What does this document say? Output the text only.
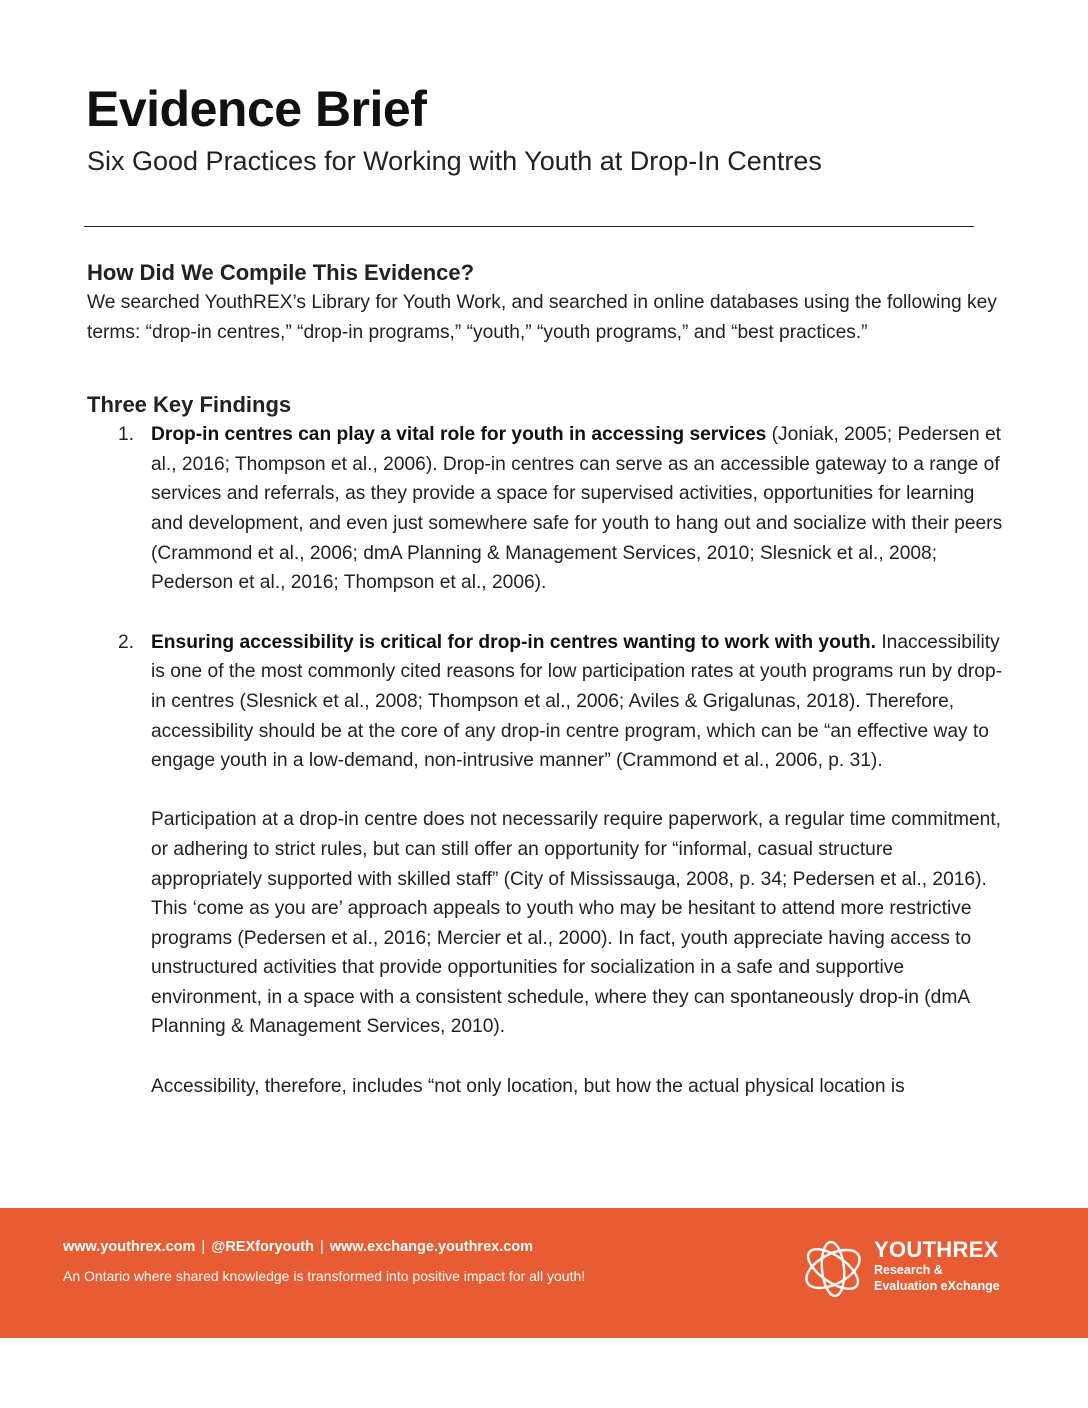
Evidence Brief
Six Good Practices for Working with Youth at Drop-In Centres
How Did We Compile This Evidence?

We searched YouthREX’s Library for Youth Work, and searched in online databases using the following key terms: “drop-in centres,” “drop-in programs,” “youth,” “youth programs,” and “best practices.”

Three Key Findings
1. Drop-in centres can play a vital role for youth in accessing services (Joniak, 2005; Pedersen et al., 2016; Thompson et al., 2006). Drop-in centres can serve as an accessible gateway to a range of services and referrals, as they provide a space for supervised activities, opportunities for learning and development, and even just somewhere safe for youth to hang out and socialize with their peers (Crammond et al., 2006; dmA Planning & Management Services, 2010; Slesnick et al., 2008; Pederson et al., 2016; Thompson et al., 2006).

2. Ensuring accessibility is critical for drop-in centres wanting to work with youth. Inaccessibility is one of the most commonly cited reasons for low participation rates at youth programs run by drop-in centres (Slesnick et al., 2008; Thompson et al., 2006; Aviles & Grigalunas, 2018). Therefore, accessibility should be at the core of any drop-in centre program, which can be “an effective way to engage youth in a low-demand, non-intrusive manner” (Crammond et al., 2006, p. 31).

Participation at a drop-in centre does not necessarily require paperwork, a regular time commitment, or adhering to strict rules, but can still offer an opportunity for “informal, casual structure appropriately supported with skilled staff” (City of Mississauga, 2008, p. 34; Pedersen et al., 2016). This ‘come as you are’ approach appeals to youth who may be hesitant to attend more restrictive programs (Pedersen et al., 2016; Mercier et al., 2000). In fact, youth appreciate having access to unstructured activities that provide opportunities for socialization in a safe and supportive environment, in a space with a consistent schedule, where they can spontaneously drop-in (dmA Planning & Management Services, 2010).

Accessibility, therefore, includes “not only location, but how the actual physical location is

www.youthrex.com | @REXforyouth | www.exchange.youthrex.com
An Ontario where shared knowledge is transformed into positive impact for all youth!
YOUTHREX
Research &
Evaluation eXchange
